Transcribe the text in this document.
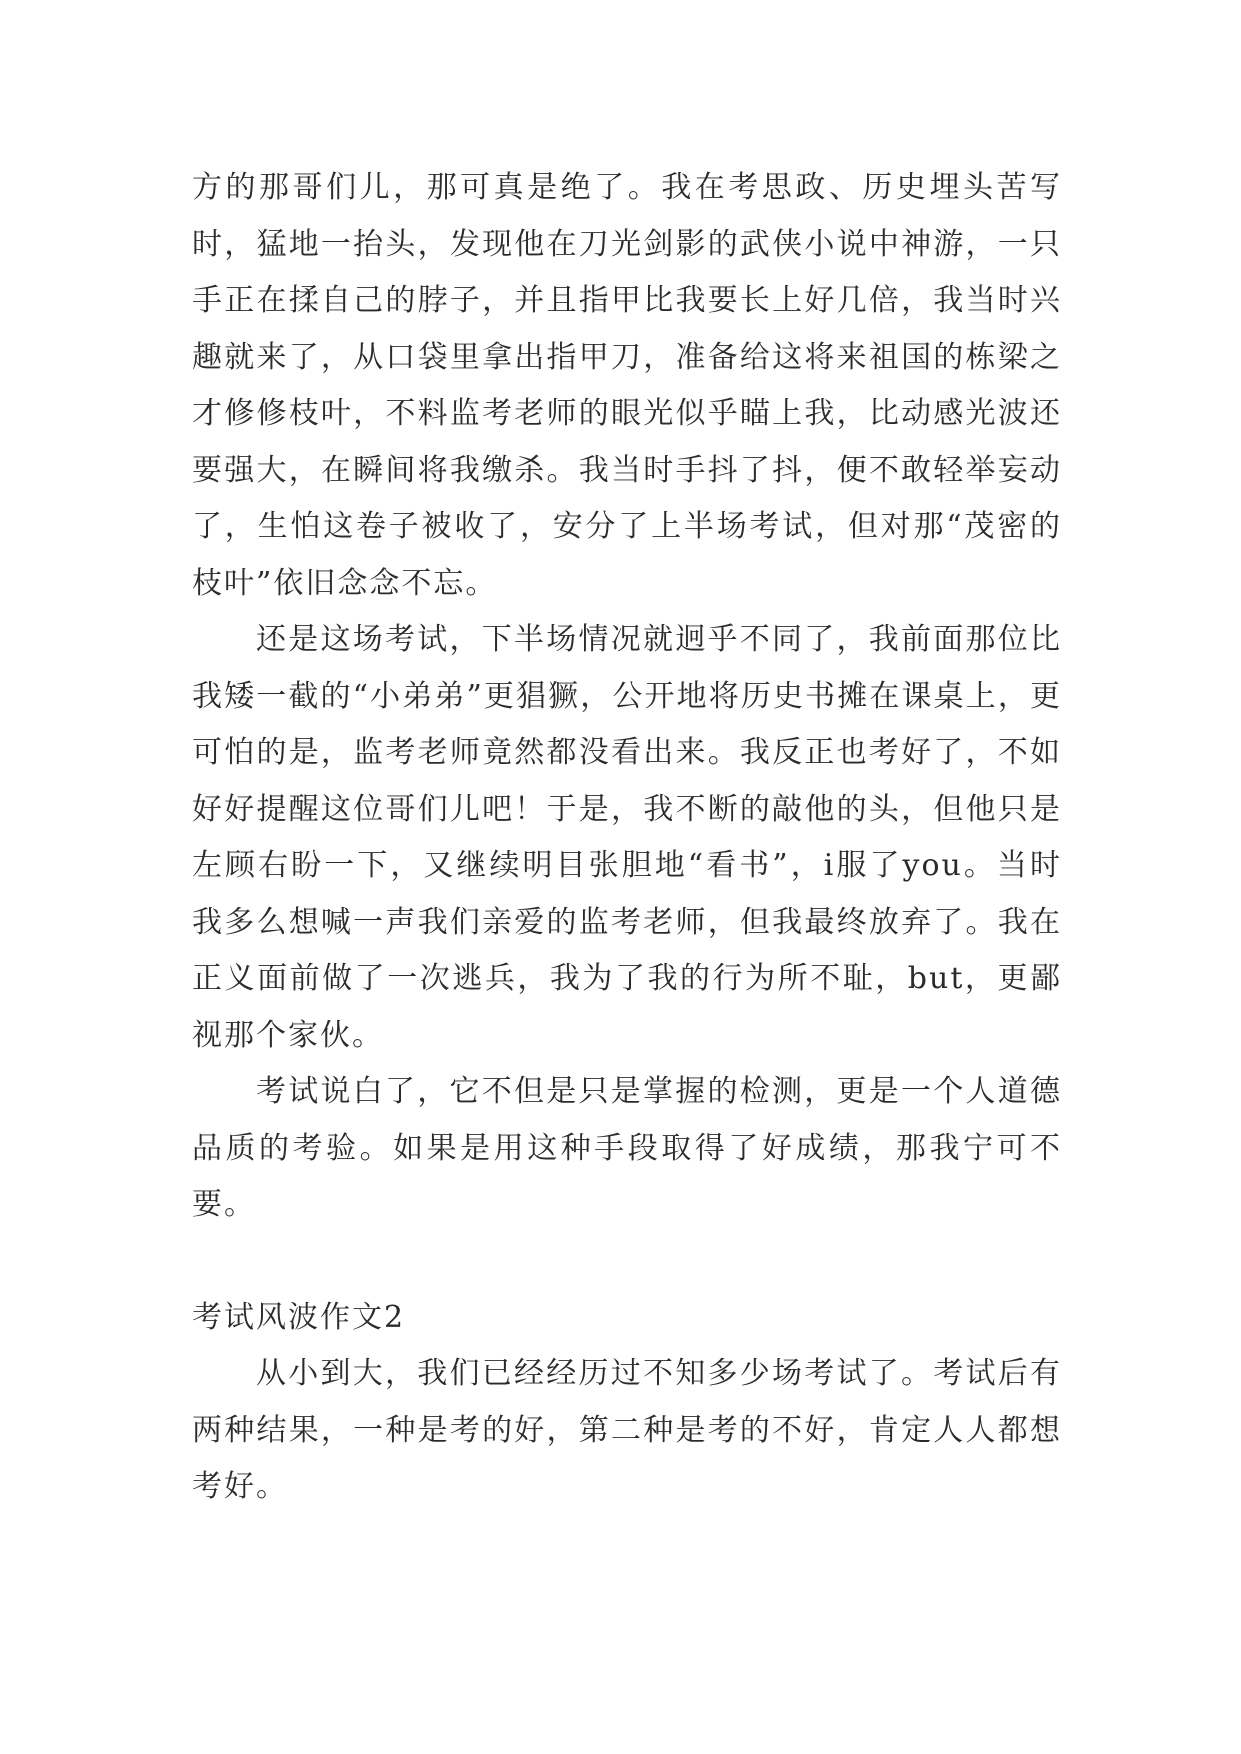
方的那哥们儿，那可真是绝了。我在考思政、历史埋头苦写时，猛地一抬头，发现他在刀光剑影的武侠小说中神游，一只手正在揉自己的脖子，并且指甲比我要长上好几倍，我当时兴趣就来了，从口袋里拿出指甲刀，准备给这将来祖国的栋梁之才修修枝叶，不料监考老师的眼光似乎瞄上我，比动感光波还要强大，在瞬间将我缴杀。我当时手抖了抖，便不敢轻举妄动了，生怕这卷子被收了，安分了上半场考试，但对那“茂密的枝叶”依旧念念不忘。

还是这场考试，下半场情况就迥乎不同了，我前面那位比我矮一截的“小弟弟”更猖獗，公开地将历史书摊在课桌上，更可怕的是，监考老师竟然都没看出来。我反正也考好了，不如好好提醒这位哥们儿吧！于是，我不断的敲他的头，但他只是左顾右盼一下，又继续明目张胆地“看书”，i服了you。当时我多么想喊一声我们亲爱的监考老师，但我最终放弃了。我在正义面前做了一次逃兵，我为了我的行为所不耻，but，更鄙视那个家伙。

考试说白了，它不但是只是掌握的检测，更是一个人道德品质的考验。如果是用这种手段取得了好成绩，那我宁可不要。

考试风波作文2

从小到大，我们已经经历过不知多少场考试了。考试后有两种结果，一种是考的好，第二种是考的不好，肯定人人都想考好。
